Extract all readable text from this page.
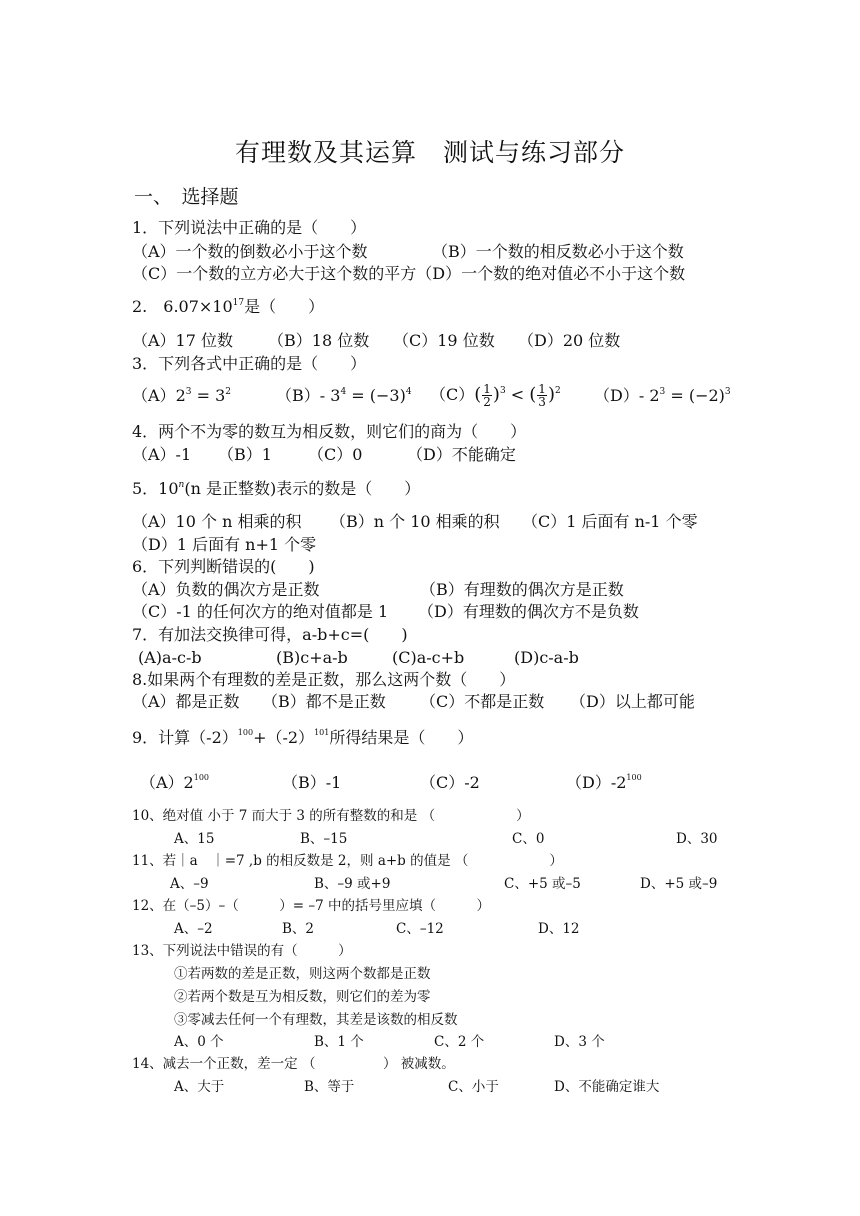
有理数及其运算　测试与练习部分
一、　选择题
1．下列说法中正确的是（　　）
（A）一个数的倒数必小于这个数	（B）一个数的相反数必小于这个数
（C）一个数的立方必大于这个数的平方（D）一个数的绝对值必不小于这个数
2.　$6.07\times 10^{17}$是（　　）
（A）17 位数 （B）18 位数 （C）19 位数 （D）20 位数
3．下列各式中正确的是（　　）
$(A)2^3 = 3^2$	（B）- $3^4 = (-3)^4$ $(C)( \frac{1}{2} )^3$ < ( $\frac{1}{3} )^2$ （D）- $2^3 = (-2)^3$
4．两个不为零的数互为相反数，则它们的商为（　　）
（A）-1 （B）1 （C）0	（D）不能确定
5．10$^n$(n 是正整数)表示的数是（　　）
（A）10 个 n 相乘的积 （B）n 个 10 相乘的积 （C）1 后面有 n-1 个零
（D）1 后面有 n+1 个零
6．下列判断错误的(　　)
（A）负数的偶次方是正数	（B）有理数的偶次方是正数
（C）-1 的任何次方的绝对值都是 1 （D）有理数的偶次方不是负数
7．有加法交换律可得，a-b+c=(　　)
(A)a-c-b	(B)c+a-b	(C)a-c+b	(D)c-a-b
8.如果两个有理数的差是正数，那么这两个数（　　）
（A）都是正数 （B）都不是正数 （C）不都是正数 （D）以上都可能
9．计算$(-2)^{100}+(-2)^{101}$所得结果是（　　）
$(A)2^{100}$	（B）-1	（C）-2	$(D)-2^{100}$
10、绝对值 小于 7 而大于 3 的所有整数的和是 （　　　　　　）
A、15	B、–15	C、0	D、30
11、若｜a　｜=7 ,b 的相反数是 2，则 a+b 的值是 （　　　　　　）
A、–9	B、–9 或+9	C、+5 或–5	D、+5 或–9
12、在（–5）–（　　　）= –7 中的括号里应填（　　　）
A、–2	B、2	C、–12	D、12
13、下列说法中错误的有（　　　）
①若两数的差是正数，则这两个数都是正数
②若两个数是互为相反数，则它们的差为零
③零减去任何一个有理数，其差是该数的相反数
A、0 个	B、1 个	C、2 个	D、3 个
14、减去一个正数，差一定 （　　　　　） 被减数。
A、大于	B、等于	C、小于	D、不能确定谁大
